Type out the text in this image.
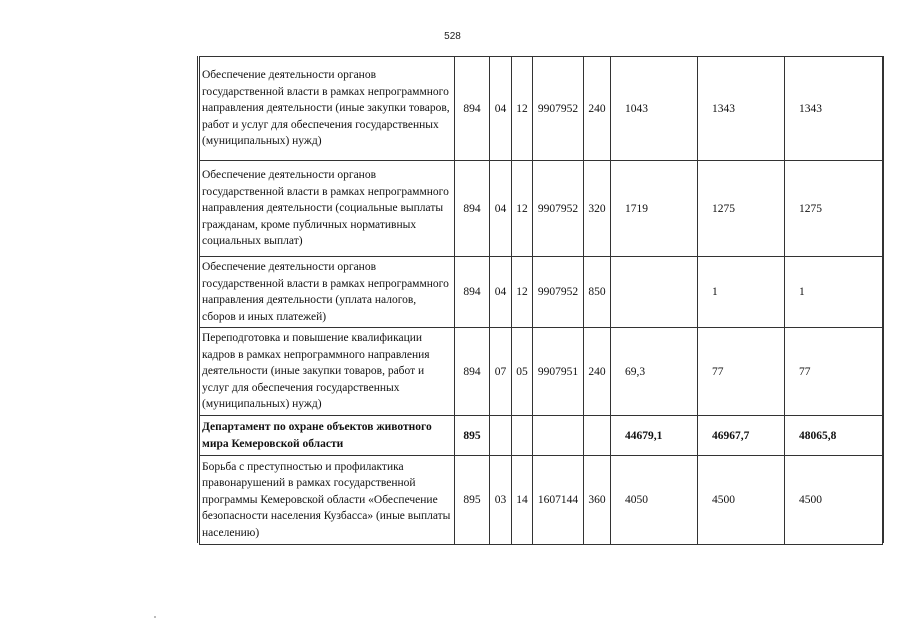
528
Обеспечение деятельности органов государственной власти в рамках непрограммного направления деятельности (иные закупки товаров, работ и услуг для обеспечения государственных (муниципальных) нужд)	894	04	12	9907952	240	1043	1343	1343
Обеспечение деятельности органов государственной власти в рамках непрограммного направления деятельности (социальные выплаты гражданам, кроме публичных нормативных социальных выплат)	894	04	12	9907952	320	1719	1275	1275
Обеспечение деятельности органов государственной власти в рамках непрограммного направления деятельности (уплата налогов, сборов и иных платежей)	894	04	12	9907952	850		1	1
Переподготовка и повышение квалификации кадров в рамках непрограммного направления деятельности (иные закупки товаров, работ и услуг для обеспечения государственных (муниципальных) нужд)	894	07	05	9907951	240	69,3	77	77
Департамент по охране объектов животного мира Кемеровской области	895					44679,1	46967,7	48065,8
Борьба с преступностью и профилактика правонарушений в рамках государственной программы Кемеровской области «Обеспечение безопасности населения Кузбасса» (иные выплаты населению)	895	03	14	1607144	360	4050	4500	4500
